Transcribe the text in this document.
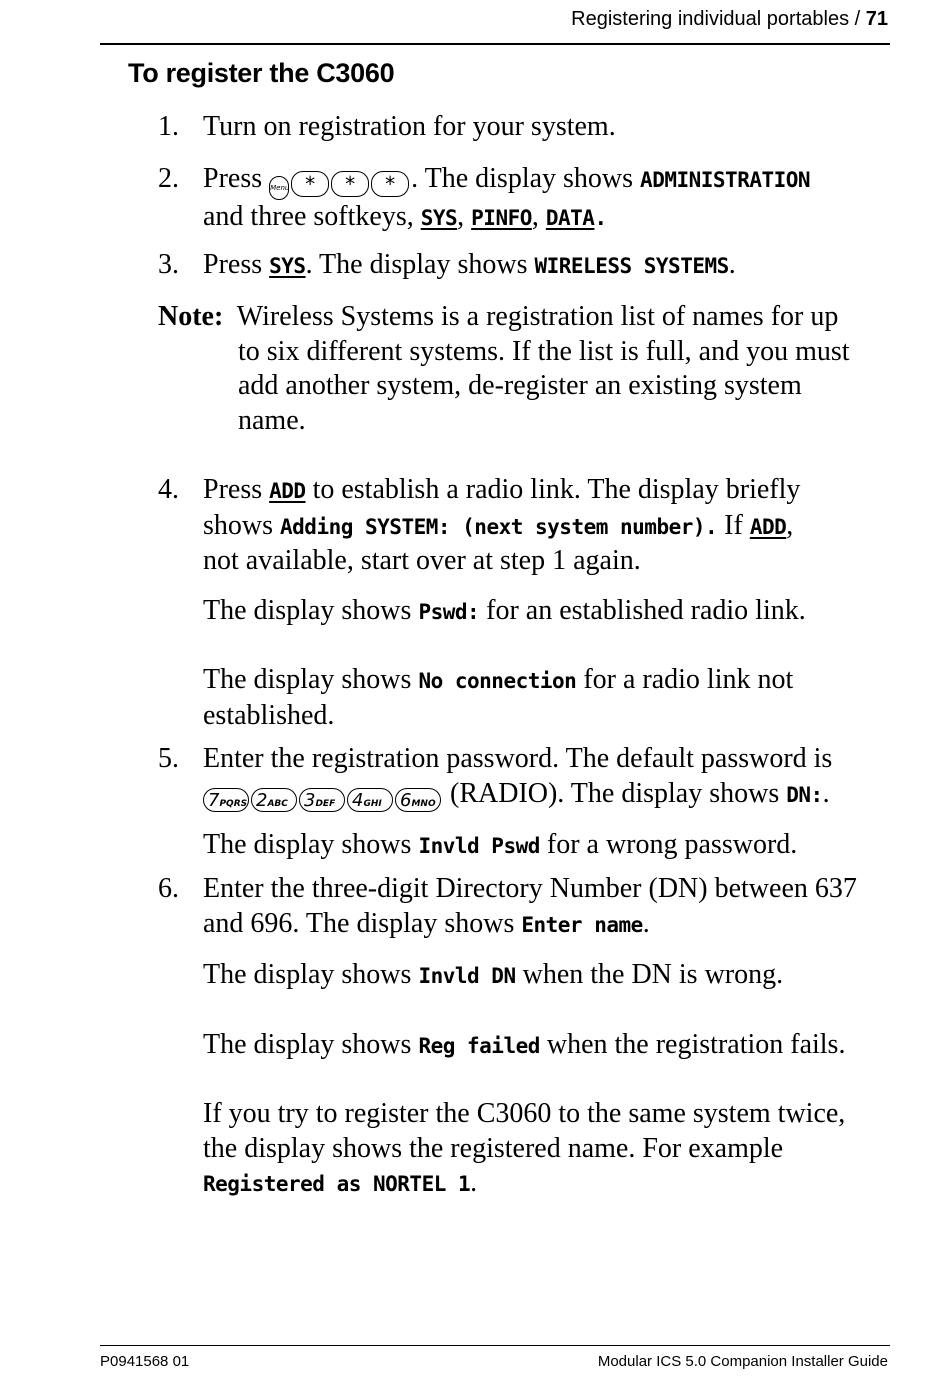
Registering individual portables / 71
To register the C3060
1. Turn on registration for your system.
2. Press Menu * * * . The display shows ADMINISTRATION
and three softkeys, SYS, PINFO, DATA.
3. Press SYS. The display shows WIRELESS SYSTEMS.
Note: Wireless Systems is a registration list of names for up
to six different systems. If the list is full, and you must
add another system, de-register an existing system
name.
4. Press ADD to establish a radio link. The display briefly
shows Adding SYSTEM: (next system number). If ADD,
not available, start over at step 1 again.
The display shows Pswd: for an established radio link.
The display shows No connection for a radio link not
established.
5. Enter the registration password. The default password is
7PQRS 2ABC 3DEF 4GHI 6MNO (RADIO). The display shows DN:.
The display shows Invld Pswd for a wrong password.
6. Enter the three-digit Directory Number (DN) between 637
and 696. The display shows Enter name.
The display shows Invld DN when the DN is wrong.
The display shows Reg failed when the registration fails.
If you try to register the C3060 to the same system twice,
the display shows the registered name. For example
Registered as NORTEL 1.
P0941568 01	Modular ICS 5.0 Companion Installer Guide
